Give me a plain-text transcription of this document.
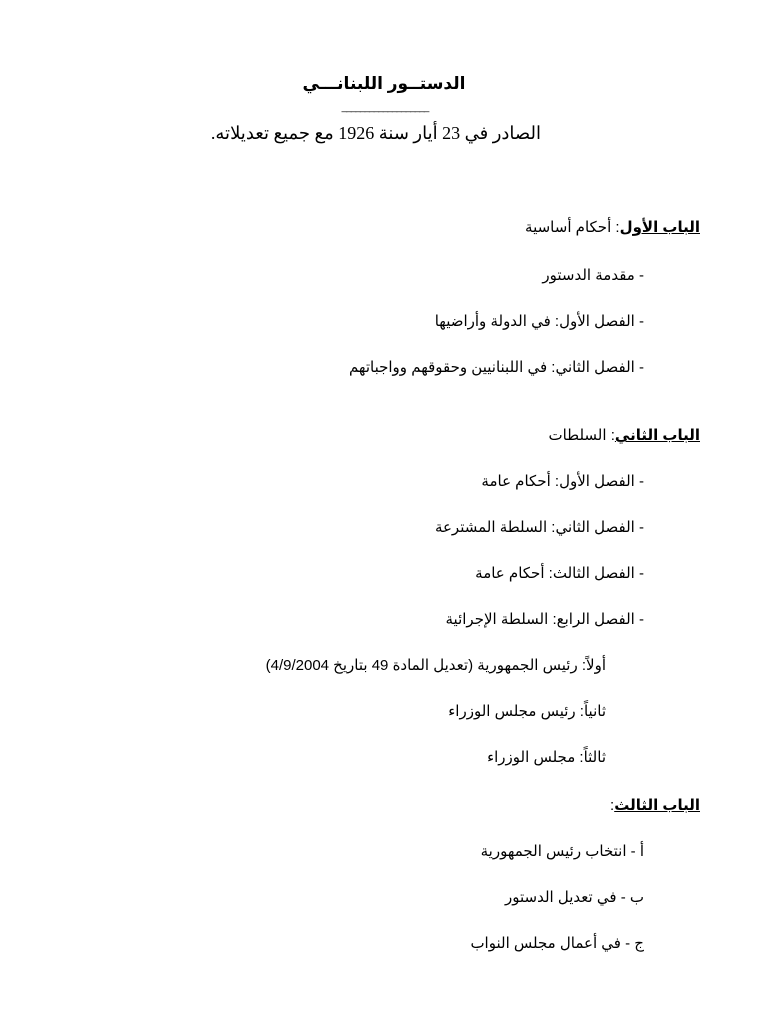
الدستــور اللبنانـــي
___________________
الصادر في 23 أيار سنة 1926 مع جميع تعديلاته.
الباب الأول: أحكام أساسية
- مقدمة الدستور
- الفصل الأول: في الدولة وأراضيها
- الفصل الثاني: في اللبنانيين وحقوقهم وواجباتهم
الباب الثاني: السلطات
- الفصل الأول: أحكام عامة
- الفصل الثاني: السلطة المشترعة
- الفصل الثالث: أحكام عامة
- الفصل الرابع: السلطة الإجرائية
أولاً: رئيس الجمهورية (تعديل المادة 49 بتاريخ 4/9/2004)
ثانياً: رئيس مجلس الوزراء
ثالثاً: مجلس الوزراء
الباب الثالث:
أ - انتخاب رئيس الجمهورية
ب - في تعديل الدستور
ج - في أعمال مجلس النواب
